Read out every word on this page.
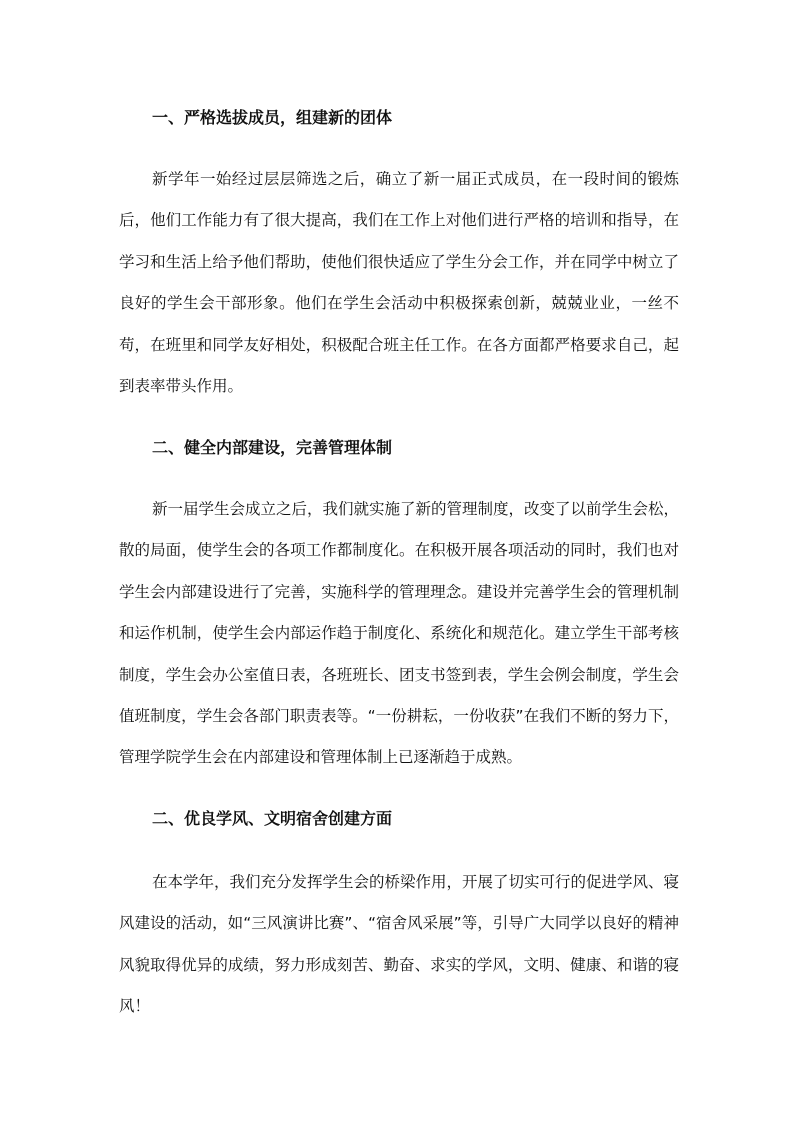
一、严格选拔成员，组建新的团体
新学年一始经过层层筛选之后，确立了新一届正式成员，在一段时间的锻炼后，他们工作能力有了很大提高，我们在工作上对他们进行严格的培训和指导，在学习和生活上给予他们帮助，使他们很快适应了学生分会工作，并在同学中树立了良好的学生会干部形象。他们在学生会活动中积极探索创新，兢兢业业，一丝不苟，在班里和同学友好相处，积极配合班主任工作。在各方面都严格要求自己，起到表率带头作用。
二、健全内部建设，完善管理体制
新一届学生会成立之后，我们就实施了新的管理制度，改变了以前学生会松，散的局面，使学生会的各项工作都制度化。在积极开展各项活动的同时，我们也对学生会内部建设进行了完善，实施科学的管理理念。建设并完善学生会的管理机制和运作机制，使学生会内部运作趋于制度化、系统化和规范化。建立学生干部考核制度，学生会办公室值日表，各班班长、团支书签到表，学生会例会制度，学生会值班制度，学生会各部门职责表等。“一份耕耘，一份收获”在我们不断的努力下，管理学院学生会在内部建设和管理体制上已逐渐趋于成熟。
二、优良学风、文明宿舍创建方面
在本学年，我们充分发挥学生会的桥梁作用，开展了切实可行的促进学风、寝风建设的活动，如“三风演讲比赛”、“宿舍风采展”等，引导广大同学以良好的精神风貌取得优异的成绩，努力形成刻苦、勤奋、求实的学风，文明、健康、和谐的寝风！
